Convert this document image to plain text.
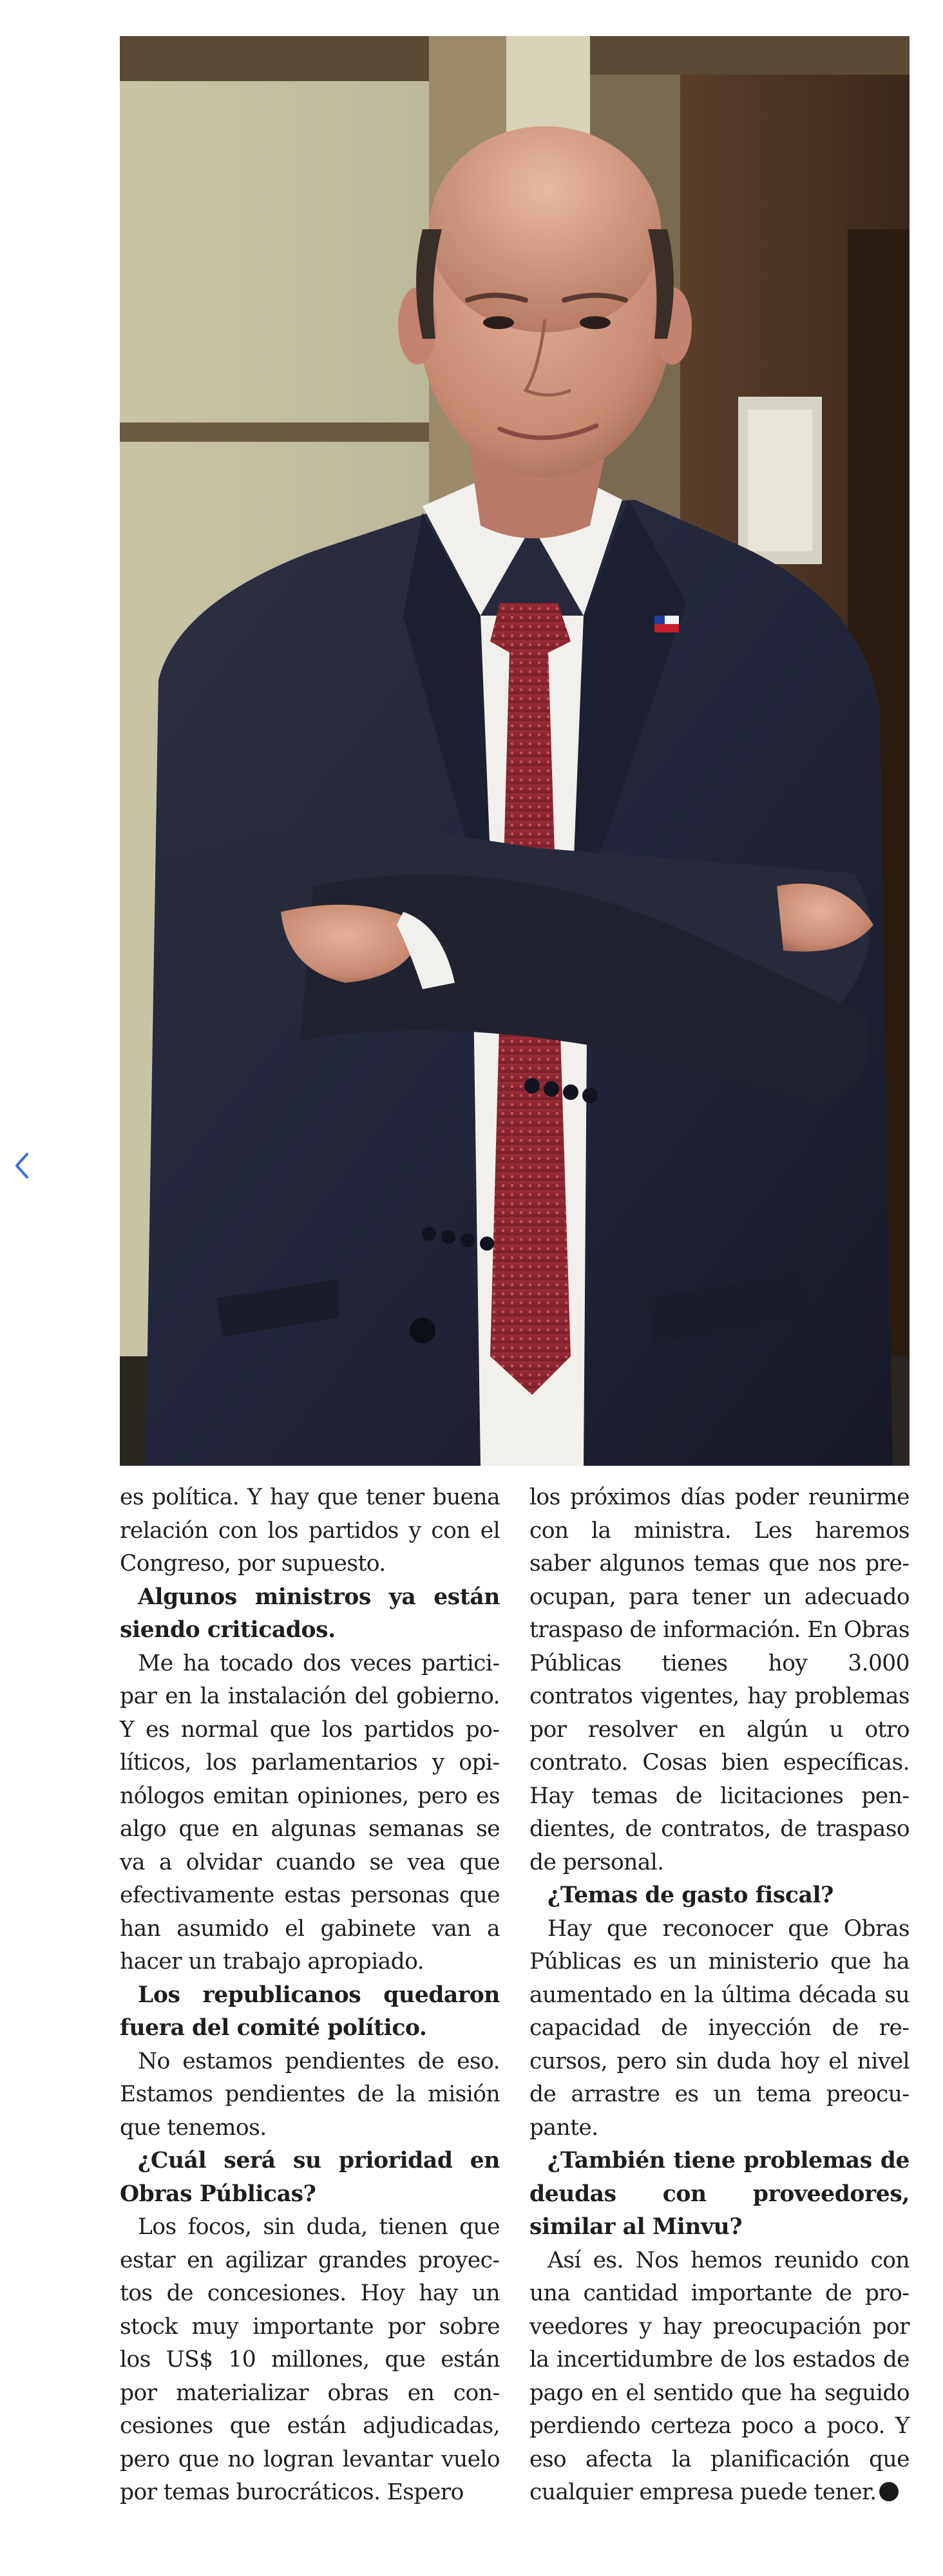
es política. Y hay que tener buena relación con los partidos y con el Congreso, por supuesto.

Algunos ministros ya están siendo criticados.

Me ha tocado dos veces participar en la instalación del gobierno. Y es normal que los partidos políticos, los parlamentarios y opinólogos emitan opiniones, pero es algo que en algunas semanas se va a olvidar cuando se vea que efectivamente estas personas que han asumido el gabinete van a hacer un trabajo apropiado.

Los republicanos quedaron fuera del comité político.

No estamos pendientes de eso. Estamos pendientes de la misión que tenemos.

¿Cuál será su prioridad en Obras Públicas?

Los focos, sin duda, tienen que estar en agilizar grandes proyectos de concesiones. Hoy hay un stock muy importante por sobre los US$ 10 millones, que están por materializar obras en concesiones que están adjudicadas, pero que no logran levantar vuelo por temas burocráticos. Espero

los próximos días poder reunirme con la ministra. Les haremos saber algunos temas que nos preocupan, para tener un adecuado traspaso de información. En Obras Públicas tienes hoy 3.000 contratos vigentes, hay problemas por resolver en algún u otro contrato. Cosas bien específicas. Hay temas de licitaciones pendientes, de contratos, de traspaso de personal.

¿Temas de gasto fiscal?

Hay que reconocer que Obras Públicas es un ministerio que ha aumentado en la última década su capacidad de inyección de recursos, pero sin duda hoy el nivel de arrastre es un tema preocupante.

¿También tiene problemas de deudas con proveedores, similar al Minvu?

Así es. Nos hemos reunido con una cantidad importante de proveedores y hay preocupación por la incertidumbre de los estados de pago en el sentido que ha seguido perdiendo certeza poco a poco. Y eso afecta la planificación que cualquier empresa puede tener.
